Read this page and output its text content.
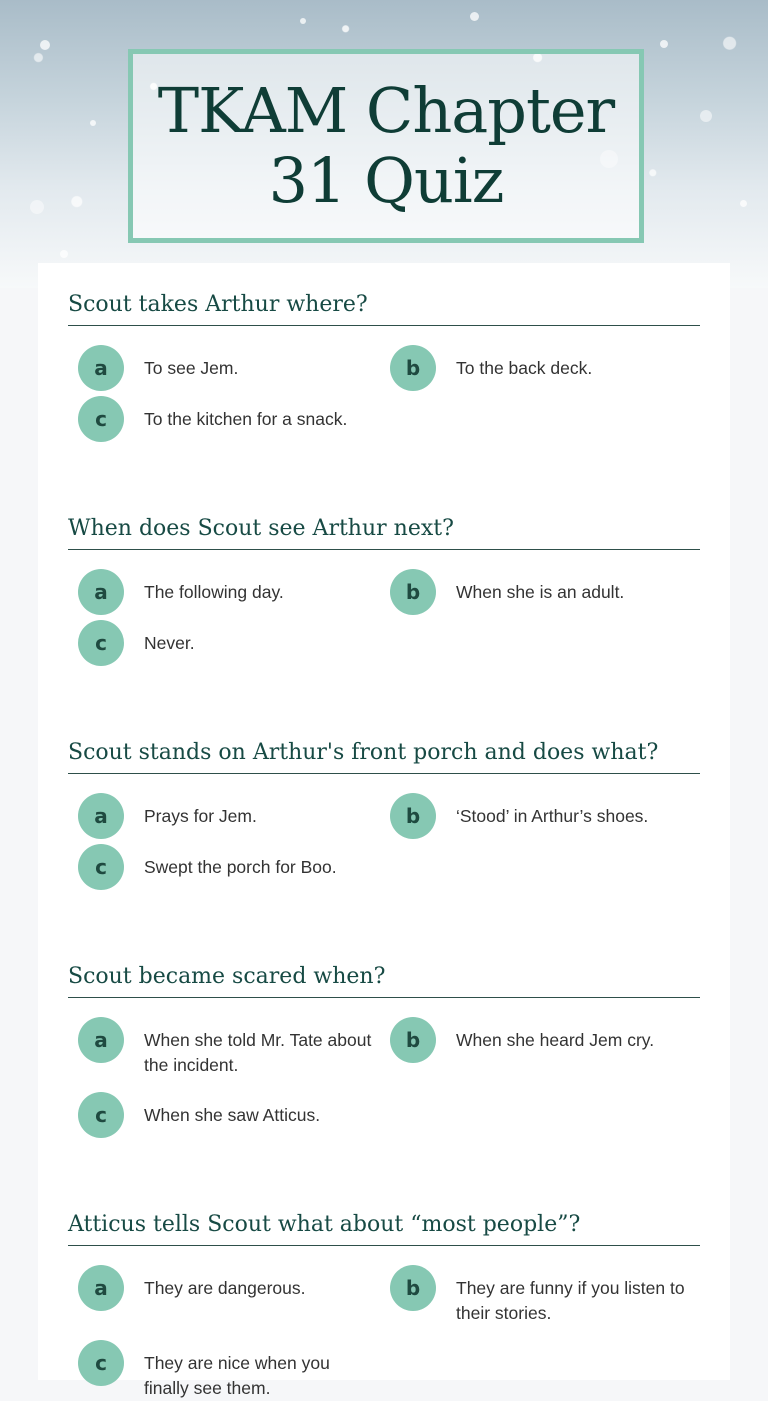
TKAM Chapter 31 Quiz
Scout takes Arthur where?
a	To see Jem.	b	To the back deck.
c	To the kitchen for a snack.
When does Scout see Arthur next?
a	The following day.	b	When she is an adult.
c	Never.
Scout stands on Arthur's front porch and does what?
a	Prays for Jem.	b	‘Stood’ in Arthur’s shoes.
c	Swept the porch for Boo.
Scout became scared when?
a	When she told Mr. Tate about the incident.
b	When she heard Jem cry.
c	When she saw Atticus.
Atticus tells Scout what about “most people”?
a	They are dangerous.	b	They are funny if you listen to their stories.
c	They are nice when you finally see them.
